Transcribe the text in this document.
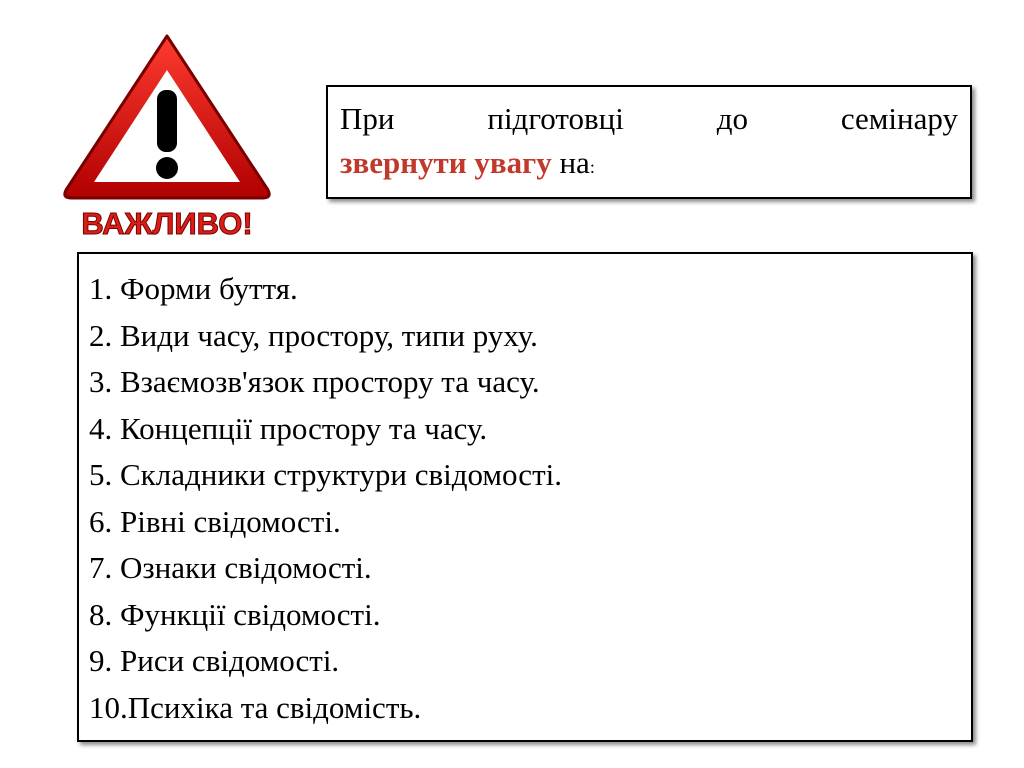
ВАЖЛИВО!
При	підготовці	до	семінару
звернути увагу на:
1. Форми буття.
2. Види часу, простору, типи руху.
3. Взаємозв'язок простору та часу.
4. Концепції простору та часу.
5. Складники структури свідомості.
6. Рівні свідомості.
7. Ознаки свідомості.
8. Функції свідомості.
9. Риси свідомості.
10.Психіка та свідомість.
